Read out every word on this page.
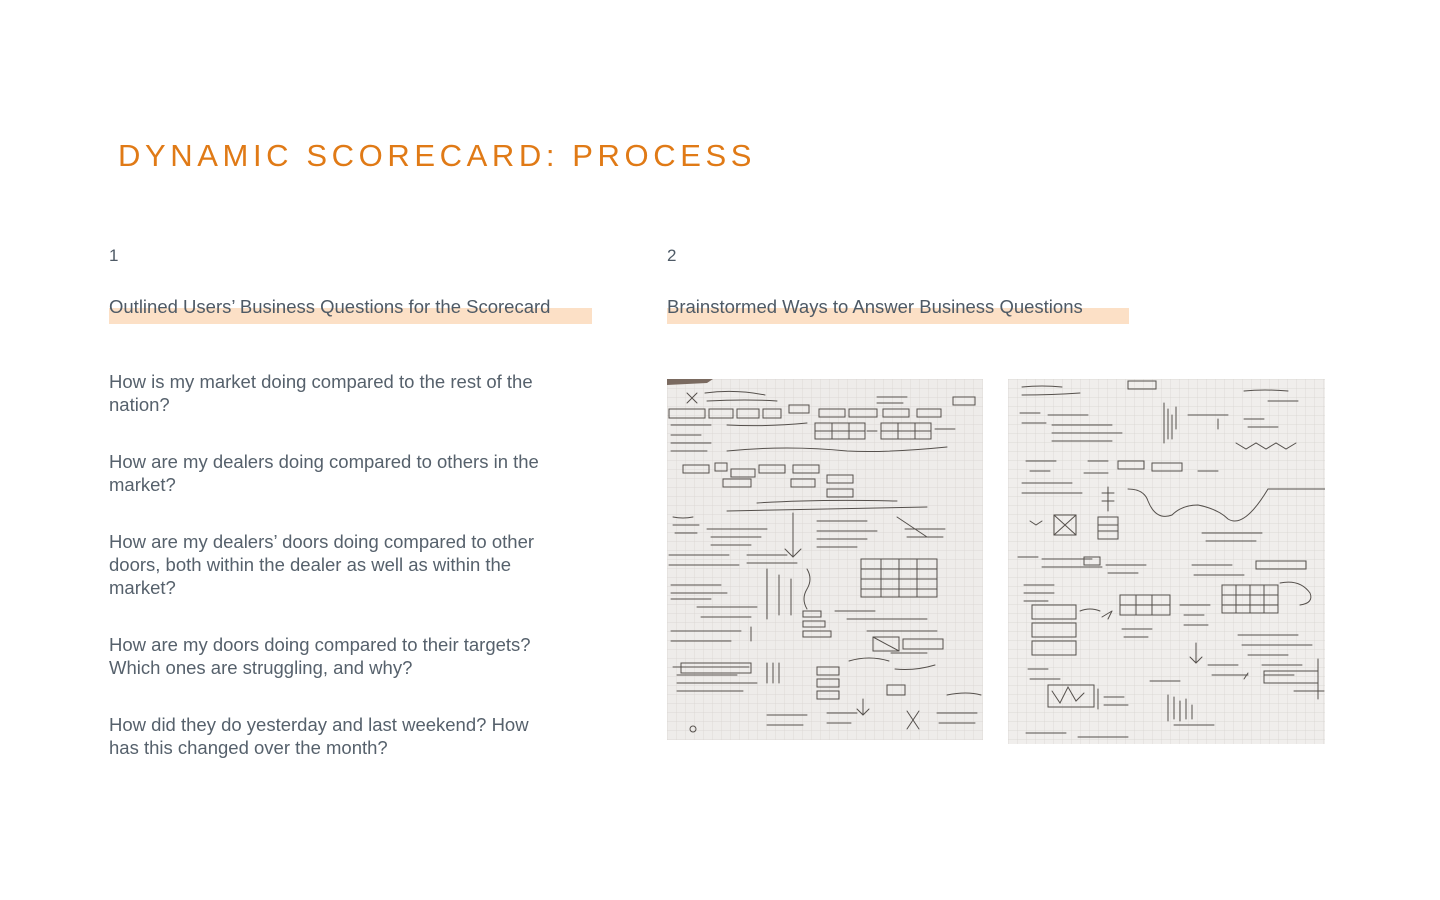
DYNAMIC SCORECARD: PROCESS
1
Outlined Users’ Business Questions for the Scorecard
How is my market doing compared to the rest of the nation?
How are my dealers doing compared to others in the market?
How are my dealers’ doors doing compared to other doors, both within the dealer as well as within the market?
How are my doors doing compared to their targets? Which ones are struggling, and why?
How did they do yesterday and last weekend? How has this changed over the month?
2
Brainstormed Ways to Answer Business Questions
